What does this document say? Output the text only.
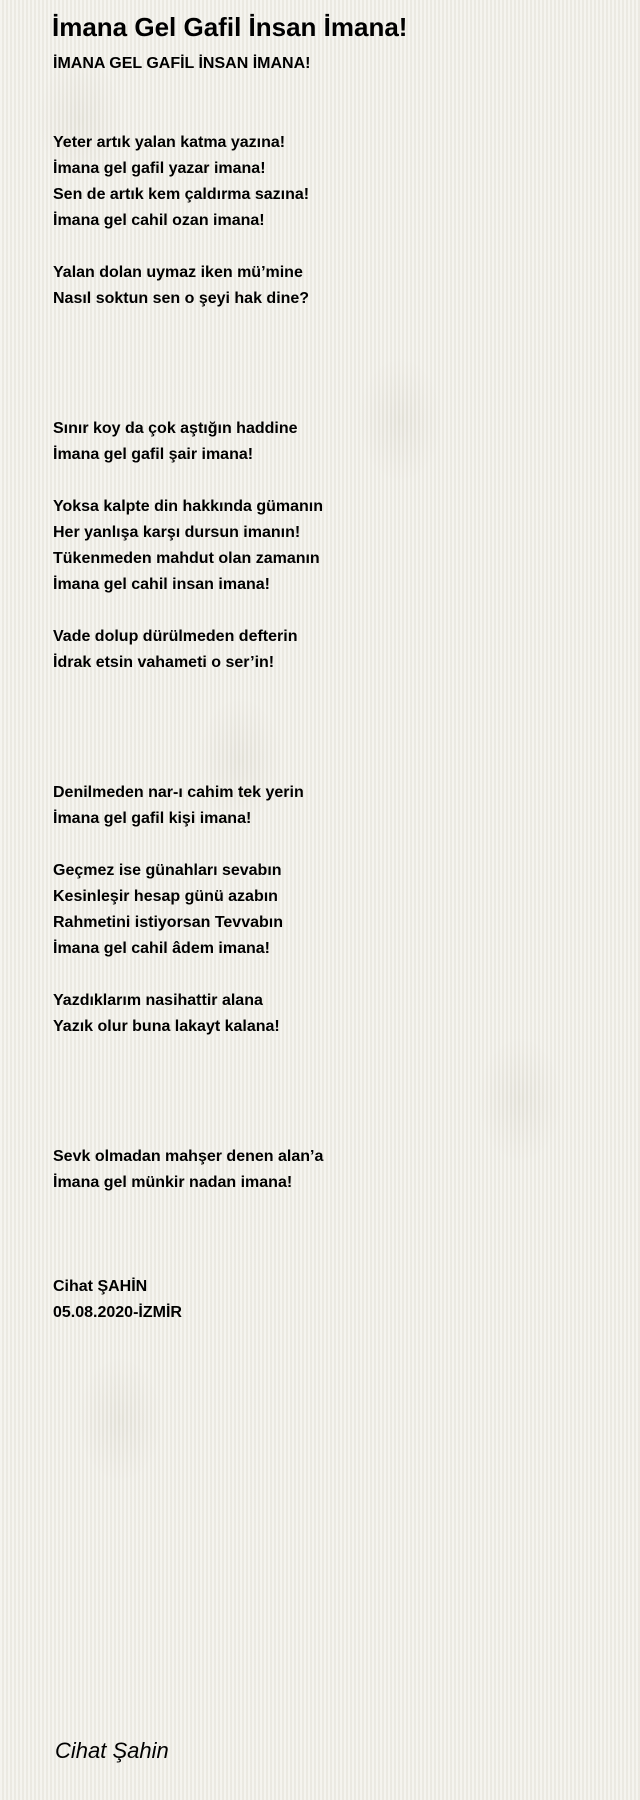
İmana Gel Gafil İnsan İmana!
İMANA GEL GAFİL İNSAN İMANA!
Yeter artık yalan katma yazına!
İmana gel gafil yazar imana!
Sen de artık kem çaldırma sazına!
İmana gel cahil ozan imana!
Yalan dolan uymaz iken mü’mine
Nasıl soktun sen o şeyi hak dine?
Sınır koy da çok aştığın haddine
İmana gel gafil şair imana!
Yoksa kalpte din hakkında gümanın
Her yanlışa karşı dursun imanın!
Tükenmeden mahdut olan zamanın
İmana gel cahil insan imana!
Vade dolup dürülmeden defterin
İdrak etsin vahameti o ser’in!
Denilmeden nar-ı cahim tek yerin
İmana gel gafil kişi imana!
Geçmez ise günahları sevabın
Kesinleşir hesap günü azabın
Rahmetini istiyorsan Tevvabın
İmana gel cahil âdem imana!
Yazdıklarım nasihattir alana
Yazık olur buna lakayt kalana!
Sevk olmadan mahşer denen alan’a
İmana gel münkir nadan imana!
Cihat ŞAHİN
05.08.2020-İZMİR

Cihat Şahin
